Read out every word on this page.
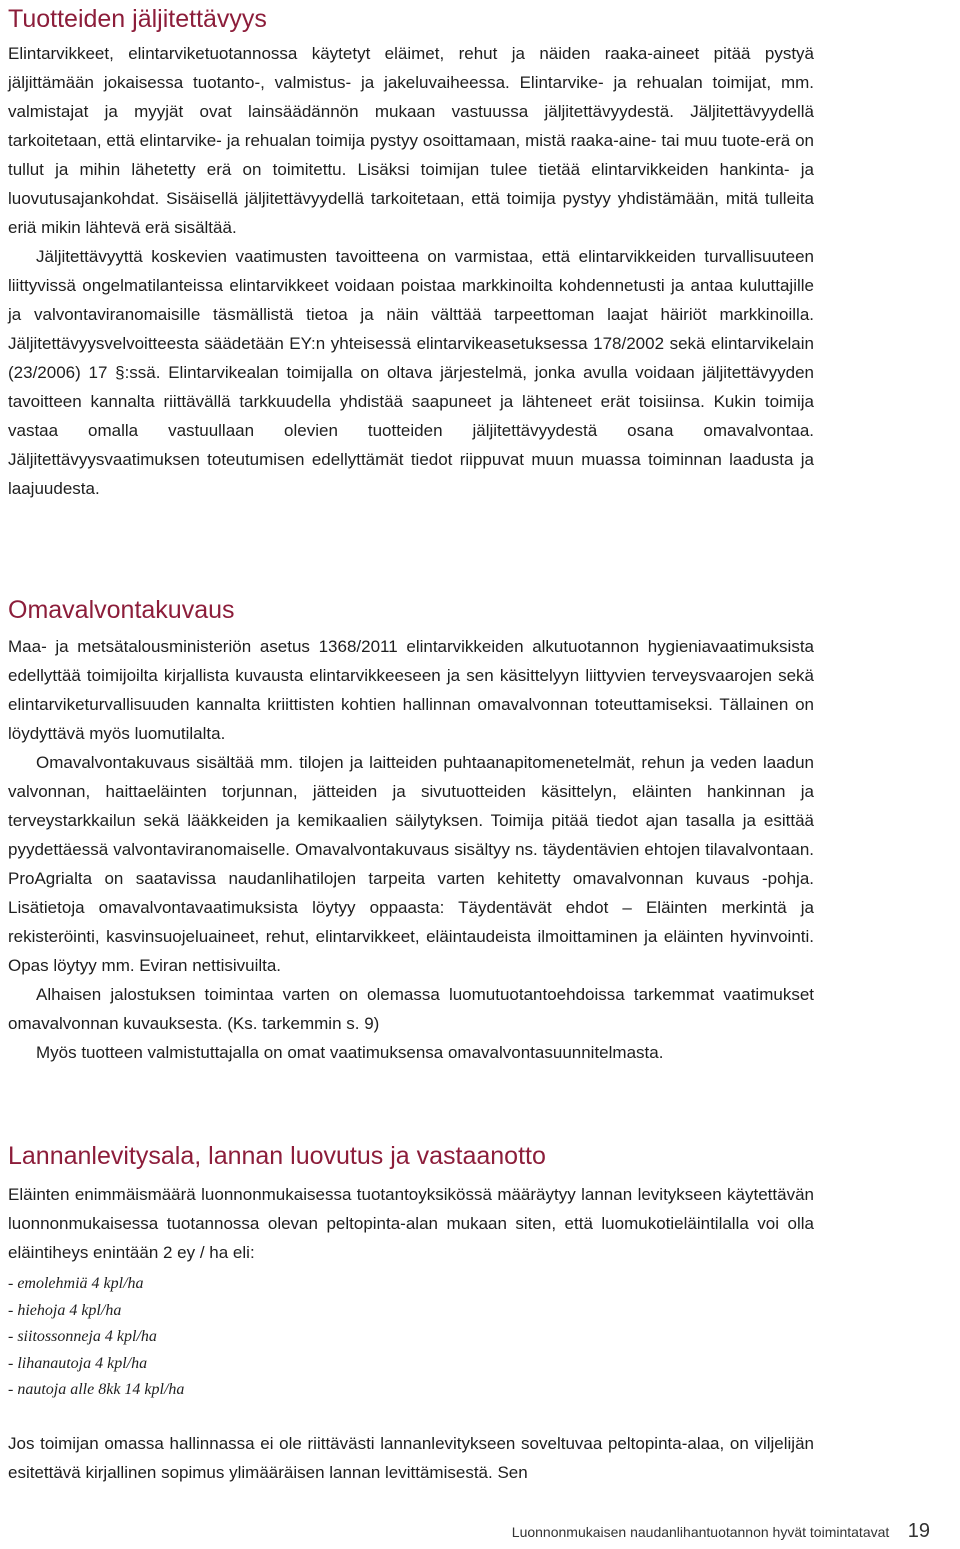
Tuotteiden jäljitettävyys

Elintarvikkeet, elintarviketuotannossa käytetyt eläimet, rehut ja näiden raaka-aineet pitää pystyä jäljittämään jokaisessa tuotanto-, valmistus- ja jakeluvaiheessa. Elintarvike- ja rehualan toimijat, mm. valmistajat ja myyjät ovat lainsäädännön mukaan vastuussa jäljitettävyydestä. Jäljitettävyydellä tarkoitetaan, että elintarvike- ja rehualan toimija pystyy osoittamaan, mistä raaka-aine- tai muu tuote-erä on tullut ja mihin lähetetty erä on toimitettu. Lisäksi toimijan tulee tietää elintarvikkeiden hankinta- ja luovutusajankohdat. Sisäisellä jäljitettävyydellä tarkoitetaan, että toimija pystyy yhdistämään, mitä tulleita eriä mikin lähtevä erä sisältää.

Jäljitettävyyttä koskevien vaatimusten tavoitteena on varmistaa, että elintarvikkeiden turvallisuuteen liittyvissä ongelmatilanteissa elintarvikkeet voidaan poistaa markkinoilta kohdennetusti ja antaa kuluttajille ja valvontaviranomaisille täsmällistä tietoa ja näin välttää tarpeettoman laajat häiriöt markkinoilla. Jäljitettävyysvelvoitteesta säädetään EY:n yhteisessä elintarvikeasetuksessa 178/2002 sekä elintarvikelain (23/2006) 17 §:ssä. Elintarvikealan toimijalla on oltava järjestelmä, jonka avulla voidaan jäljitettävyyden tavoitteen kannalta riittävällä tarkkuudella yhdistää saapuneet ja lähteneet erät toisiinsa. Kukin toimija vastaa omalla vastuullaan olevien tuotteiden jäljitettävyydestä osana omavalvontaa. Jäljitettävyysvaatimuksen toteutumisen edellyttämät tiedot riippuvat muun muassa toiminnan laadusta ja laajuudesta.

Omavalvontakuvaus

Maa- ja metsätalousministeriön asetus 1368/2011 elintarvikkeiden alkutuotannon hygieniavaatimuksista edellyttää toimijoilta kirjallista kuvausta elintarvikkeeseen ja sen käsittelyyn liittyvien terveysvaarojen sekä elintarviketurvallisuuden kannalta kriittisten kohtien hallinnan omavalvonnan toteuttamiseksi. Tällainen on löydyttävä myös luomutilalta.

Omavalvontakuvaus sisältää mm. tilojen ja laitteiden puhtaanapitomenetelmät, rehun ja veden laadun valvonnan, haittaeläinten torjunnan, jätteiden ja sivutuotteiden käsittelyn, eläinten hankinnan ja terveystarkkailun sekä lääkkeiden ja kemikaalien säilytyksen. Toimija pitää tiedot ajan tasalla ja esittää pyydettäessä valvontaviranomaiselle. Omavalvontakuvaus sisältyy ns. täydentävien ehtojen tilavalvontaan. ProAgrialta on saatavissa naudanlihatilojen tarpeita varten kehitetty omavalvonnan kuvaus -pohja. Lisätietoja omavalvontavaatimuksista löytyy oppaasta: Täydentävät ehdot – Eläinten merkintä ja rekisteröinti, kasvinsuojeluaineet, rehut, elintarvikkeet, eläintaudeista ilmoittaminen ja eläinten hyvinvointi. Opas löytyy mm. Eviran nettisivuilta.

Alhaisen jalostuksen toimintaa varten on olemassa luomutuotantoehdoissa tarkemmat vaatimukset omavalvonnan kuvauksesta. (Ks. tarkemmin s. 9)

Myös tuotteen valmistuttajalla on omat vaatimuksensa omavalvontasuunnitelmasta.

Lannanlevitysala, lannan luovutus ja vastaanotto

Eläinten enimmäismäärä luonnonmukaisessa tuotantoyksikössä määräytyy lannan levitykseen käytettävän luonnonmukaisessa tuotannossa olevan peltopinta-alan mukaan siten, että luomukotieläintilalla voi olla eläintiheys enintään 2 ey / ha eli:

- emolehmiä 4 kpl/ha
- hiehoja 4 kpl/ha
- siitossonneja 4 kpl/ha
- lihanautoja 4 kpl/ha
- nautoja alle 8kk 14 kpl/ha

Jos toimijan omassa hallinnassa ei ole riittävästi lannanlevitykseen soveltuvaa peltopinta-alaa, on viljelijän esitettävä kirjallinen sopimus ylimääräisen lannan levittämisestä. Sen

Luonnonmukaisen naudanlihantuotannon hyvät toimintatavat 19
